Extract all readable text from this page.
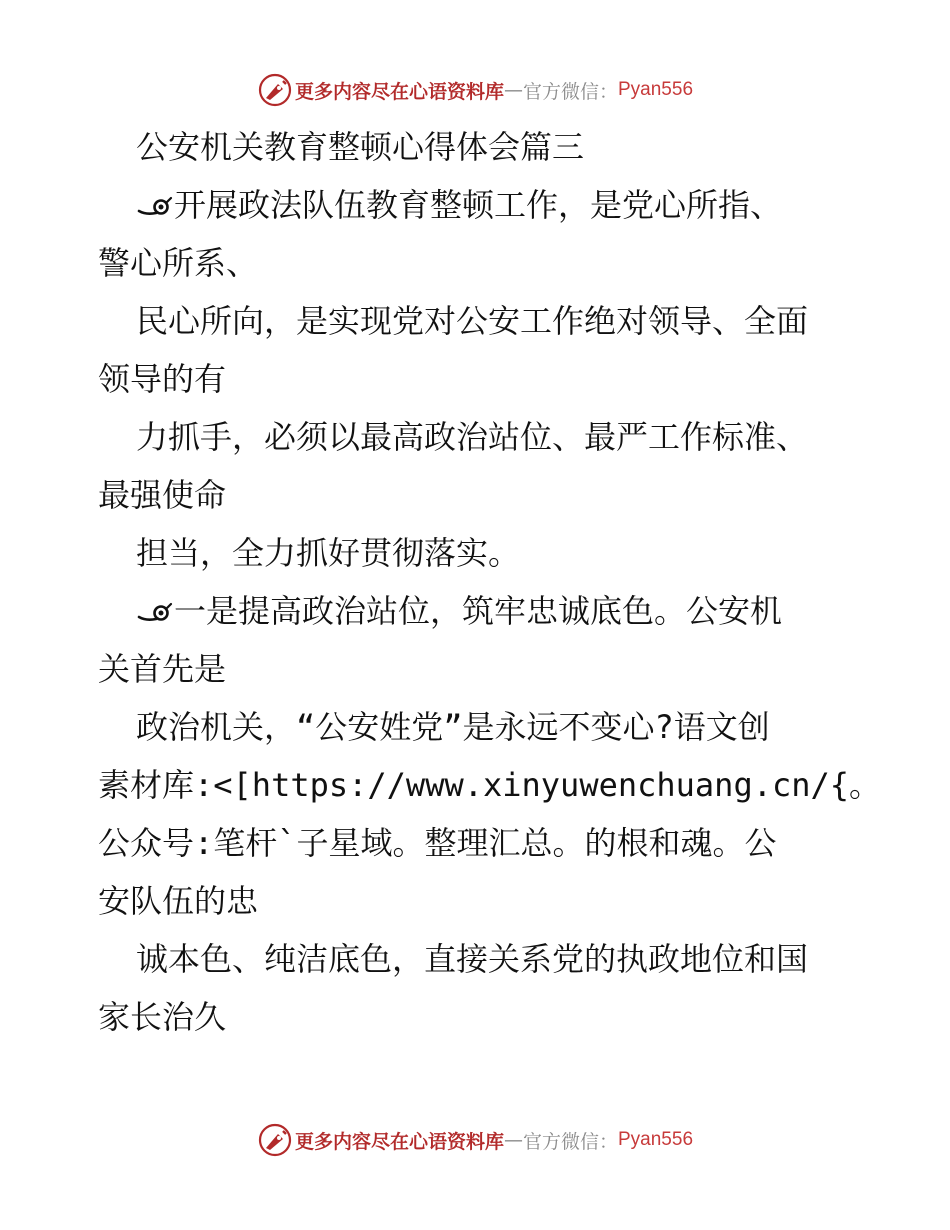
更多内容尽在心语资料库 — 官方微信： Pyan556
公安机关教育整顿心得体会篇三
开展政法队伍教育整顿工作，是党心所指、
警心所系、
民心所向，是实现党对公安工作绝对领导、全面
领导的有
力抓手，必须以最高政治站位、最严工作标准、
最强使命
担当，全力抓好贯彻落实。
一是提高政治站位，筑牢忠诚底色。公安机
关首先是
政治机关，“公安姓党”是永远不变心?语文创
素材库:<[https://www.xinyuwenchuang.cn/{。
公众号:笔杆`子星域。整理汇总。的根和魂。公
安队伍的忠
诚本色、纯洁底色，直接关系党的执政地位和国
家长治久
更多内容尽在心语资料库 — 官方微信： Pyan556
